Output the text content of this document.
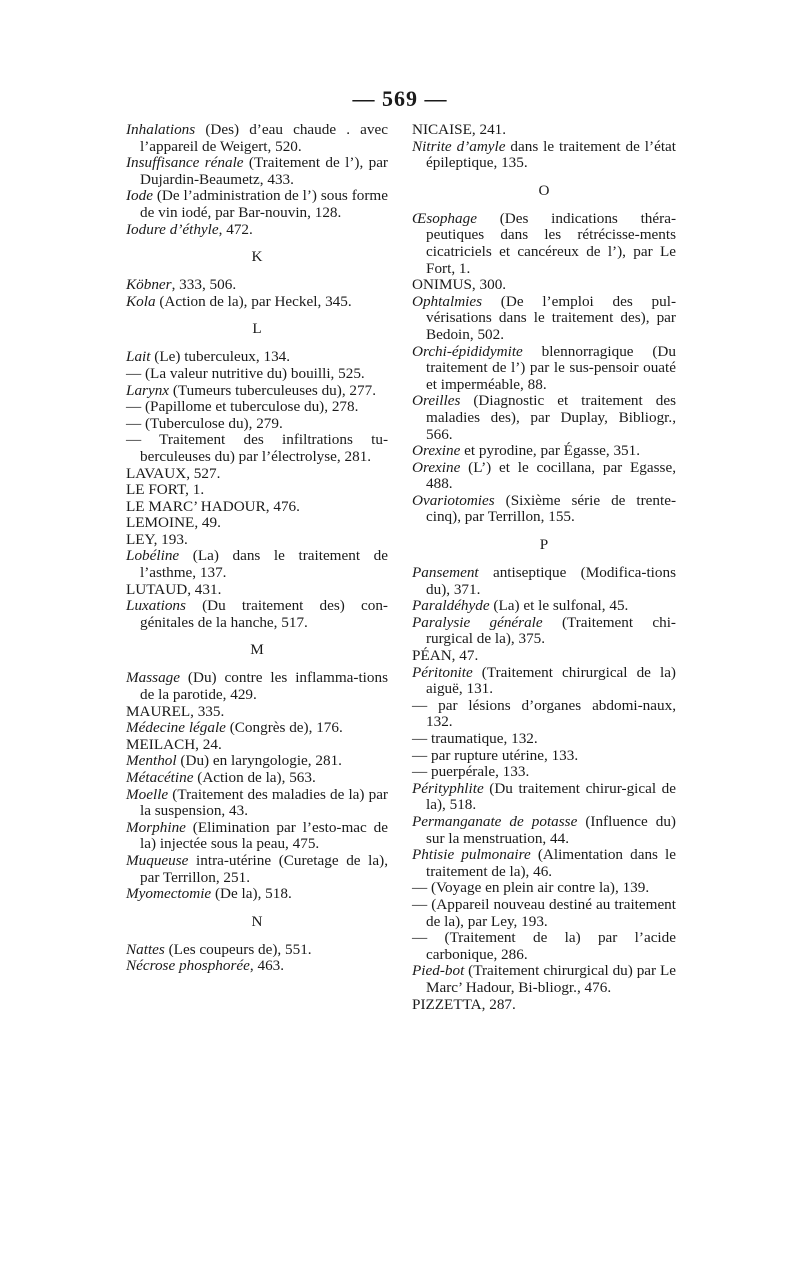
— 569 —

Inhalations (Des) d’eau chaude . avec l’appareil de Weigert, 520.

Insuffisance rénale (Traitement de l’), par Dujardin-Beaumetz, 433.

Iode (De l’administration de l’) sous forme de vin iodé, par Bar-nouvin, 128.

Iodure d’éthyle, 472.

K

Köbner, 333, 506.

Kola (Action de la), par Heckel, 345.

L

Lait (Le) tuberculeux, 134.

— (La valeur nutritive du) bouilli, 525.

Larynx (Tumeurs tuberculeuses du), 277.

— (Papillome et tuberculose du), 278.

— (Tuberculose du), 279.

— Traitement des infiltrations tu-berculeuses du) par l’électrolyse, 281.

LAVAUX, 527.

LE FORT, 1.

LE MARC’ HADOUR, 476.

LEMOINE, 49.

LEY, 193.

Lobéline (La) dans le traitement de l’asthme, 137.

LUTAUD, 431.

Luxations (Du traitement des) con-génitales de la hanche, 517.

M

Massage (Du) contre les inflamma-tions de la parotide, 429.

MAUREL, 335.

Médecine légale (Congrès de), 176.

MEILACH, 24.

Menthol (Du) en laryngologie, 281.

Métacétine (Action de la), 563.

Moelle (Traitement des maladies de la) par la suspension, 43.

Morphine (Elimination par l’esto-mac de la) injectée sous la peau, 475.

Muqueuse intra-utérine (Curetage de la), par Terrillon, 251.

Myomectomie (De la), 518.

N

Nattes (Les coupeurs de), 551.

Nécrose phosphorée, 463.

NICAISE, 241.

Nitrite d’amyle dans le traitement de l’état épileptique, 135.

O

Œsophage (Des indications théra-peutiques dans les rétrécisse-ments cicatriciels et cancéreux de l’), par Le Fort, 1.

ONIMUS, 300.

Ophtalmies (De l’emploi des pul-vérisations dans le traitement des), par Bedoin, 502.

Orchi-épididymite blennorragique (Du traitement de l’) par le sus-pensoir ouaté et imperméable, 88.

Oreilles (Diagnostic et traitement des maladies des), par Duplay, Bibliogr., 566.

Orexine et pyrodine, par Égasse, 351.

Orexine (L’) et le cocillana, par Egasse, 488.

Ovariotomies (Sixième série de trente-cinq), par Terrillon, 155.

P

Pansement antiseptique (Modifica-tions du), 371.

Paraldéhyde (La) et le sulfonal, 45.

Paralysie générale (Traitement chi-rurgical de la), 375.

PÉAN, 47.

Péritonite (Traitement chirurgical de la) aiguë, 131.

— par lésions d’organes abdomi-naux, 132.

— traumatique, 132.

— par rupture utérine, 133.

— puerpérale, 133.

Pérityphlite (Du traitement chirur-gical de la), 518.

Permanganate de potasse (Influence du) sur la menstruation, 44.

Phtisie pulmonaire (Alimentation dans le traitement de la), 46.

— (Voyage en plein air contre la), 139.

— (Appareil nouveau destiné au traitement de la), par Ley, 193.

— (Traitement de la) par l’acide carbonique, 286.

Pied-bot (Traitement chirurgical du) par Le Marc’ Hadour, Bi-bliogr., 476.

PIZZETTA, 287.
